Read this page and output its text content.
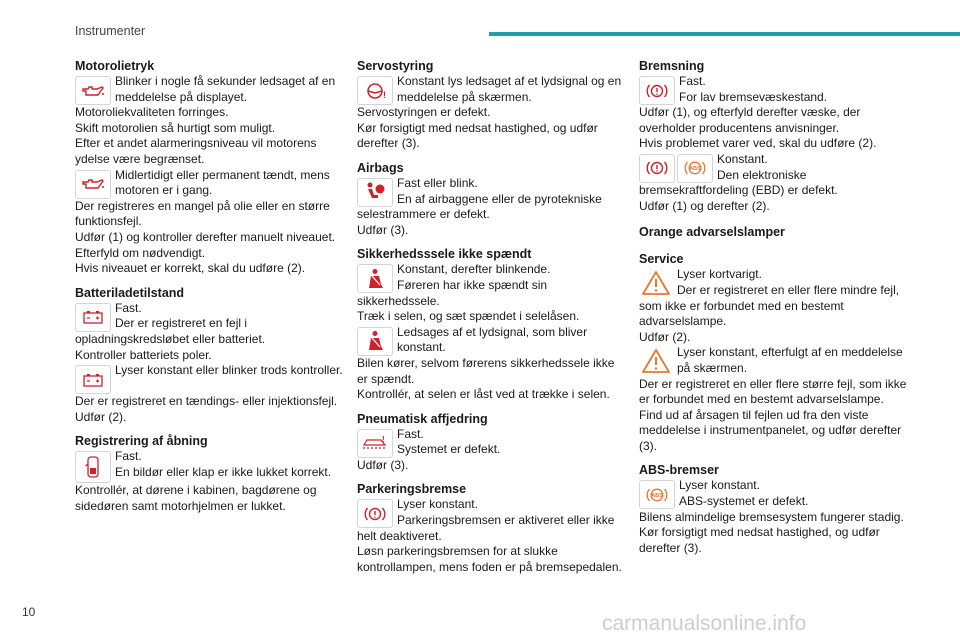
Instrumenter
Motorolietryk
Blinker i nogle få sekunder ledsaget af en meddelelse på displayet.
Motoroliekvaliteten forringes.
Skift motorolien så hurtigt som muligt.
Efter et andet alarmeringsniveau vil motorens ydelse være begrænset.
Midlertidigt eller permanent tændt, mens motoren er i gang.
Der registreres en mangel på olie eller en større funktionsfejl.
Udfør (1) og kontroller derefter manuelt niveauet. Efterfyld om nødvendigt.
Hvis niveauet er korrekt, skal du udføre (2).
Batteriladetilstand
Fast.
Der er registreret en fejl i opladningskredsløbet eller batteriet.
Kontroller batteriets poler.
Lyser konstant eller blinker trods kontroller.
Der er registreret en tændings- eller injektionsfejl.
Udfør (2).
Registrering af åbning
Fast.
En bildør eller klap er ikke lukket korrekt.
Kontrollér, at dørene i kabinen, bagdørene og sidedøren samt motorhjelmen er lukket.
Servostyring
!
Konstant lys ledsaget af et lydsignal og en meddelelse på skærmen.
Servostyringen er defekt.
Kør forsigtigt med nedsat hastighed, og udfør derefter (3).
Airbags
Fast eller blink.
En af airbaggene eller de pyrotekniske selestrammere er defekt.
Udfør (3).
Sikkerhedsssele ikke spændt
Konstant, derefter blinkende.
Føreren har ikke spændt sin sikkerhedssele.
Træk i selen, og sæt spændet i selelåsen.
Ledsages af et lydsignal, som bliver konstant.
Bilen kører, selvom førerens sikkerhedssele ikke er spændt.
Kontrollér, at selen er låst ved at trække i selen.
Pneumatisk affjedring
!	Fast.
Systemet er defekt.
Udfør (3).
Parkeringsbremse
Lyser konstant.
Parkeringsbremsen er aktiveret eller ikke helt deaktiveret.
Løsn parkeringsbremsen for at slukke kontrollampen, mens foden er på bremsepedalen.
Bremsning
Fast.
For lav bremsevæskestand.
Udfør (1), og efterfyld derefter væske, der overholder producentens anvisninger.
Hvis problemet varer ved, skal du udføre (2).
ABS
Konstant.
Den elektroniske bremsekraftfordeling (EBD) er defekt.
Udfør (1) og derefter (2).
Orange advarselslamper
Service
Lyser kortvarigt.
Der er registreret en eller flere mindre fejl, som ikke er forbundet med en bestemt advarselslampe.
Udfør (2).
Lyser konstant, efterfulgt af en meddelelse på skærmen.
Der er registreret en eller flere større fejl, som ikke er forbundet med en bestemt advarselslampe.
Find ud af årsagen til fejlen ud fra den viste meddelelse i instrumentpanelet, og udfør derefter (3).
ABS-bremser
ABS
Lyser konstant.
ABS-systemet er defekt.
Bilens almindelige bremsesystem fungerer stadig.
Kør forsigtigt med nedsat hastighed, og udfør derefter (3).
10	carmanualsonline.info
